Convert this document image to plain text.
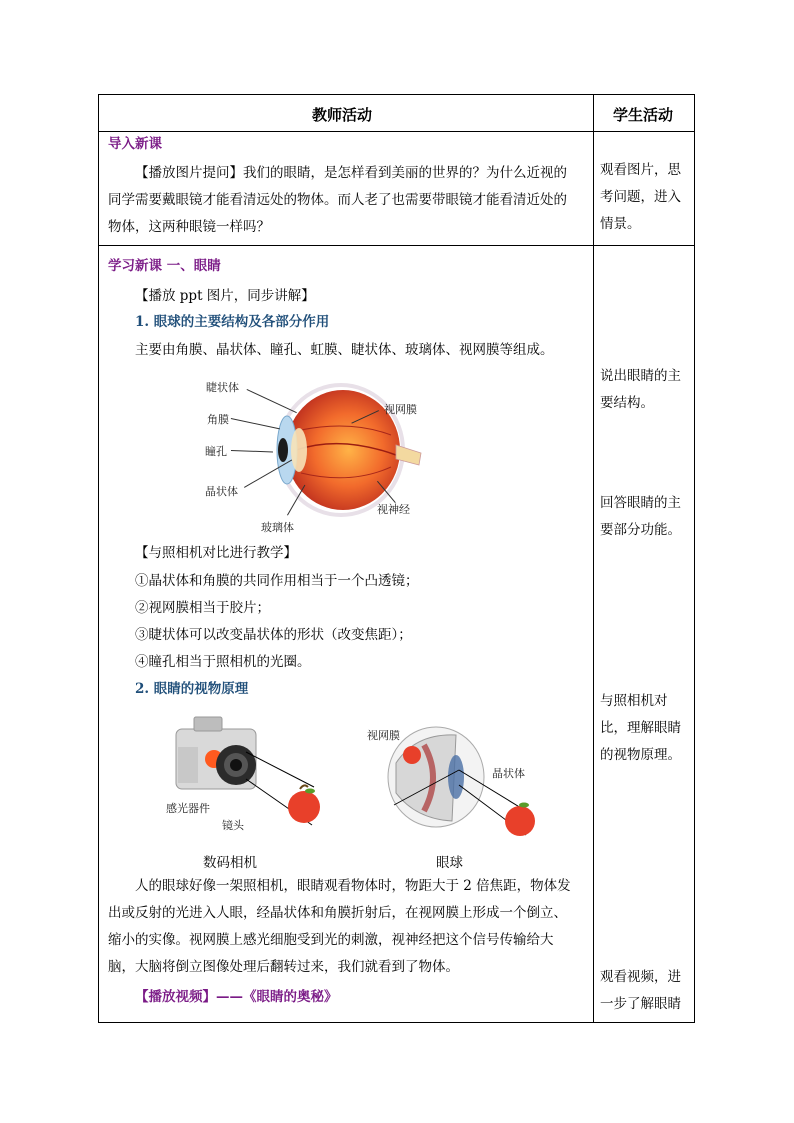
教师活动	学生活动
导入新课
【播放图片提问】我们的眼睛，是怎样看到美丽的世界的？为什么近视的
同学需要戴眼镜才能看清远处的物体。而人老了也需要带眼镜才能看清近处的
物体，这两种眼镜一样吗？
观看图片，思
考问题，进入
情景。
学习新课 一、眼睛
【播放 ppt 图片，同步讲解】
1. 眼球的主要结构及各部分作用
主要由角膜、晶状体、瞳孔、虹膜、睫状体、玻璃体、视网膜等组成。
睫状体
角膜
瞳孔
晶状体
玻璃体
视网膜
视神经
【与照相机对比进行教学】
①晶状体和角膜的共同作用相当于一个凸透镜；
②视网膜相当于胶片；
③睫状体可以改变晶状体的形状（改变焦距）；
④瞳孔相当于照相机的光圈。
2. 眼睛的视物原理
感光器件
镜头
视网膜
晶状体
数码相机	眼球
人的眼球好像一架照相机，眼睛观看物体时，物距大于 2 倍焦距，物体发
出或反射的光进入人眼，经晶状体和角膜折射后，在视网膜上形成一个倒立、
缩小的实像。视网膜上感光细胞受到光的刺激，视神经把这个信号传输给大
脑，大脑将倒立图像处理后翻转过来，我们就看到了物体。
【播放视频】——《眼睛的奥秘》
说出眼睛的主
要结构。
回答眼睛的主
要部分功能。
与照相机对
比，理解眼睛
的视物原理。
观看视频，进
一步了解眼睛
